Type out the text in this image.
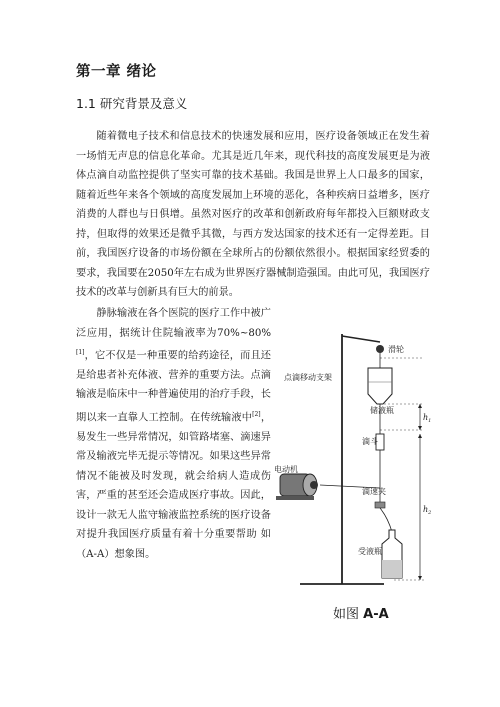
第一章 绪论
1.1 研究背景及意义

随着微电子技术和信息技术的快速发展和应用，医疗设备领域正在发生着一场悄无声息的信息化革命。尤其是近几年来，现代科技的高度发展更是为液体点滴自动监控提供了坚实可靠的技术基础。我国是世界上人口最多的国家，随着近些年来各个领域的高度发展加上环境的恶化，各种疾病日益增多，医疗消费的人群也与日俱增。虽然对医疗的改革和创新政府每年都投入巨额财政支持，但取得的效果还是微乎其微，与西方发达国家的技术还有一定得差距。目前，我国医疗设备的市场份额在全球所占的份额依然很小。根据国家经贸委的要求，我国要在2050年左右成为世界医疗器械制造强国。由此可见，我国医疗技术的改革与创新具有巨大的前景。

静脉输液在各个医院的医疗工作中被广泛应用，据统计住院输液率为70%~80%[1]，它不仅是一种重要的给药途径，而且还是给患者补充体液、营养的重要方法。点滴输液是临床中一种普遍使用的治疗手段，长期以来一直靠人工控制。在传统输液中[2]，易发生一些异常情况，如管路堵塞、滴速异常及输液完毕无提示等情况。如果这些异常情况不能被及时发现，就会给病人造成伤害，严重的甚至还会造成医疗事故。因此，设计一款无人监守输液监控系统的医疗设备对提升我国医疗质量有着十分重要帮助 如（A-A）想象图。

滑轮
点滴移动支架
储液瓶
滴斗
电动机
滴速夹
受液瓶
$h_1$
$h_2$
如图 A-A
